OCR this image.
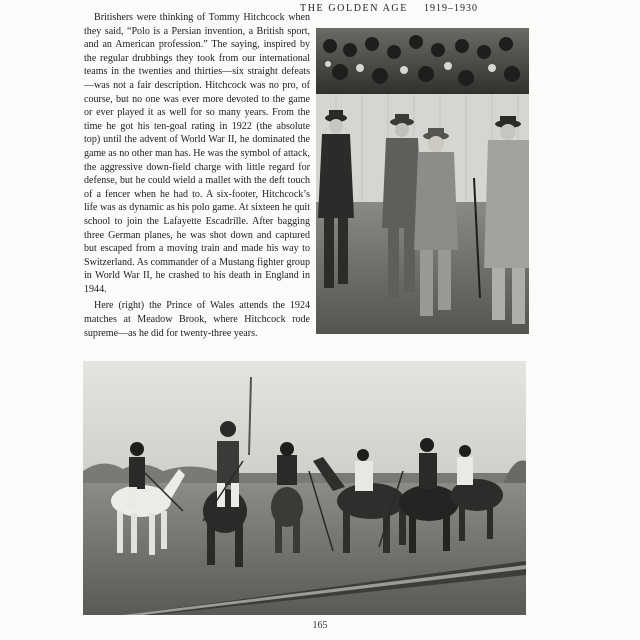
THE GOLDEN AGE 1919–1930

Britishers were thinking of Tommy Hitchcock when they said, “Polo is a Persian invention, a British sport, and an American profession.” The saying, inspired by the regular drubbings they took from our international teams in the twenties and thirties—six straight defeats—was not a fair description. Hitchcock was no pro, of course, but no one was ever more devoted to the game or ever played it as well for so many years. From the time he got his ten-goal rating in 1922 (the absolute top) until the advent of World War II, he dominated the game as no other man has. He was the symbol of attack, the aggressive down-field charge with little regard for defense, but he could wield a mallet with the deft touch of a fencer when he had to. A six-footer, Hitchcock’s life was as dynamic as his polo game. At sixteen he quit school to join the Lafayette Escadrille. After bagging three German planes, he was shot down and captured but escaped from a moving train and made his way to Switzerland. As commander of a Mustang fighter group in World War II, he crashed to his death in England in 1944.

Here (right) the Prince of Wales attends the 1924 matches at Meadow Brook, where Hitchcock rode supreme—as he did for twenty-three years.

165
